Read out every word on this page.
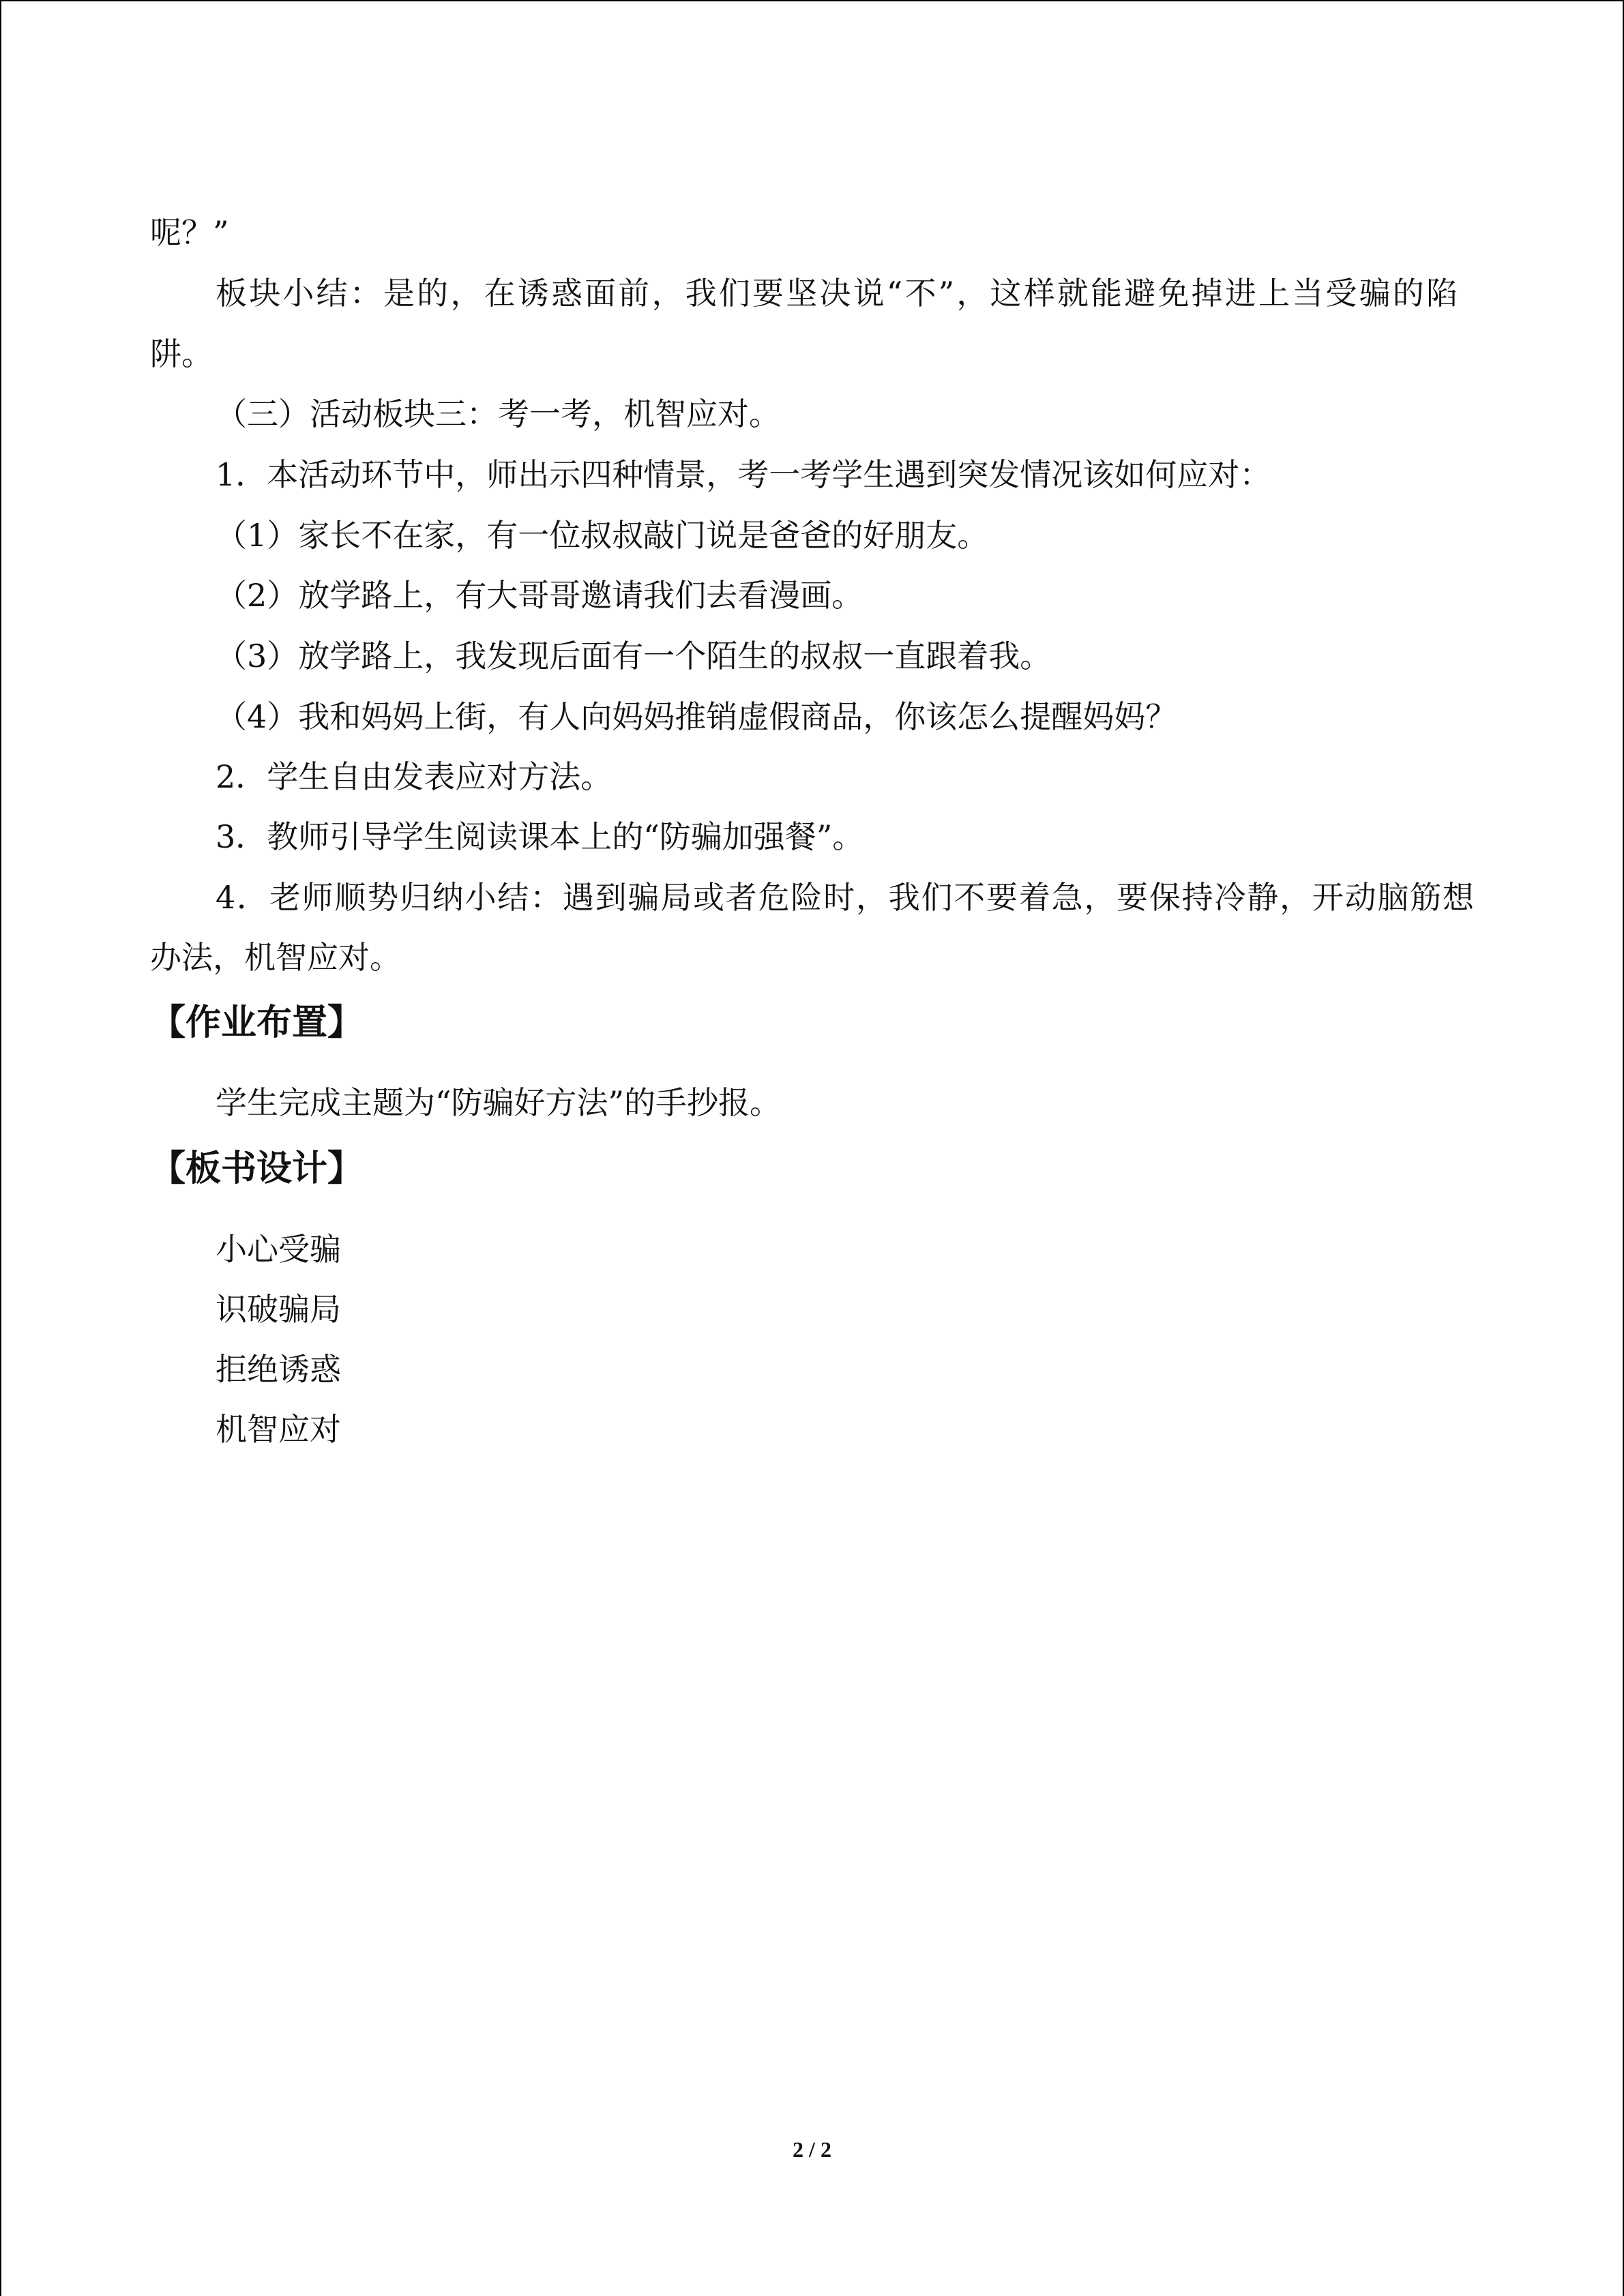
呢？”
板块小结：是的，在诱惑面前，我们要坚决说“不”，这样就能避免掉进上当受骗的陷
阱。
（三）活动板块三：考一考，机智应对。
1．本活动环节中，师出示四种情景，考一考学生遇到突发情况该如何应对：
（1）家长不在家，有一位叔叔敲门说是爸爸的好朋友。
（2）放学路上，有大哥哥邀请我们去看漫画。
（3）放学路上，我发现后面有一个陌生的叔叔一直跟着我。
（4）我和妈妈上街，有人向妈妈推销虚假商品，你该怎么提醒妈妈？
2．学生自由发表应对方法。
3．教师引导学生阅读课本上的“防骗加强餐”。
4．老师顺势归纳小结：遇到骗局或者危险时，我们不要着急，要保持冷静，开动脑筋想
办法，机智应对。
【作业布置】
学生完成主题为“防骗好方法”的手抄报。
【板书设计】
小心受骗
识破骗局
拒绝诱惑
机智应对
2 / 2
